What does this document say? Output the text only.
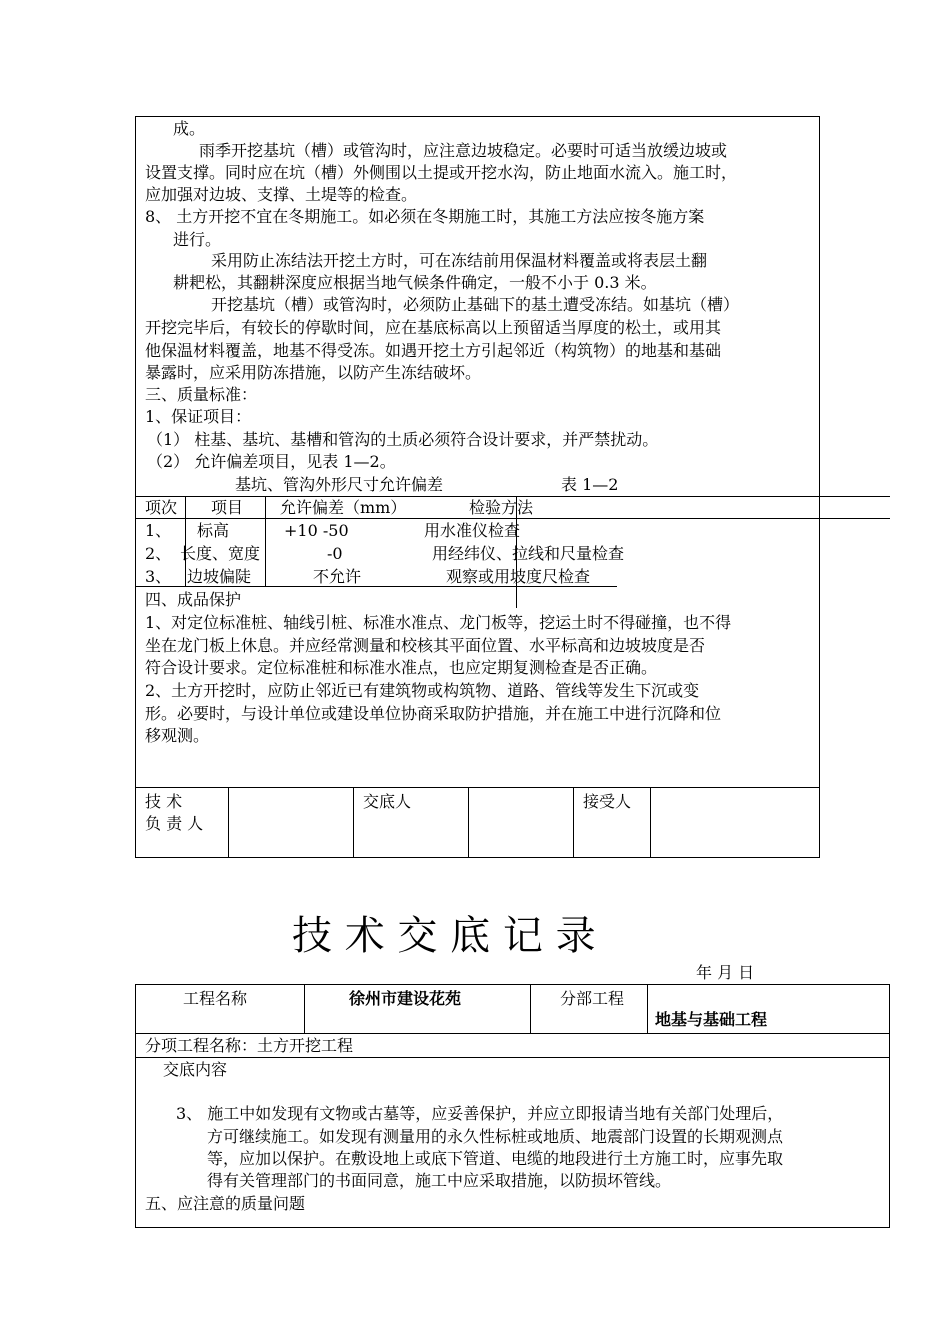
成。
雨季开挖基坑（槽）或管沟时，应注意边坡稳定。必要时可适当放缓边坡或
设置支撑。同时应在坑（槽）外侧围以土提或开挖水沟，防止地面水流入。施工时，
应加强对边坡、支撑、土堤等的检查。
8、 土方开挖不宜在冬期施工。如必须在冬期施工时，其施工方法应按冬施方案
进行。
采用防止冻结法开挖土方时，可在冻结前用保温材料覆盖或将表层土翻
耕耙松，其翻耕深度应根据当地气候条件确定，一般不小于 0.3 米。
开挖基坑（槽）或管沟时，必须防止基础下的基土遭受冻结。如基坑（槽）
开挖完毕后，有较长的停歇时间，应在基底标高以上预留适当厚度的松土，或用其
他保温材料覆盖，地基不得受冻。如遇开挖土方引起邻近（构筑物）的地基和基础
暴露时，应采用防冻措施，以防产生冻结破坏。
三、质量标准：
1、保证项目：
（1） 柱基、基坑、基槽和管沟的土质必须符合设计要求，并严禁扰动。
（2） 允许偏差项目，见表 1—2。
基坑、管沟外形尺寸允许偏差	表 1—2
项次 项目 允许偏差（mm）	检验方法
1、 标高	+10 -50	用水准仪检查
2、 长度、宽度	-0	用经纬仪、拉线和尺量检查
3、 边坡偏陡	不允许	观察或用坡度尺检查
四、成品保护
1、对定位标准桩、轴线引桩、标准水准点、龙门板等，挖运土时不得碰撞，也不得
坐在龙门板上休息。并应经常测量和校核其平面位置、水平标高和边坡坡度是否
符合设计要求。定位标准桩和标准水准点，也应定期复测检查是否正确。
2、土方开挖时，应防止邻近已有建筑物或构筑物、道路、管线等发生下沉或变
形。必要时，与设计单位或建设单位协商采取防护措施，并在施工中进行沉降和位
移观测。
技 术
负 责 人
交底人	接受人
技 术 交 底 记 录
年 月 日
工程名称	徐州市建设花苑	分部工程
地基与基础工程
分项工程名称：土方开挖工程
交底内容
3、 施工中如发现有文物或古墓等，应妥善保护，并应立即报请当地有关部门处理后，
方可继续施工。如发现有测量用的永久性标桩或地质、地震部门设置的长期观测点
等，应加以保护。在敷设地上或底下管道、电缆的地段进行土方施工时，应事先取
得有关管理部门的书面同意，施工中应采取措施，以防损坏管线。
五、应注意的质量问题
